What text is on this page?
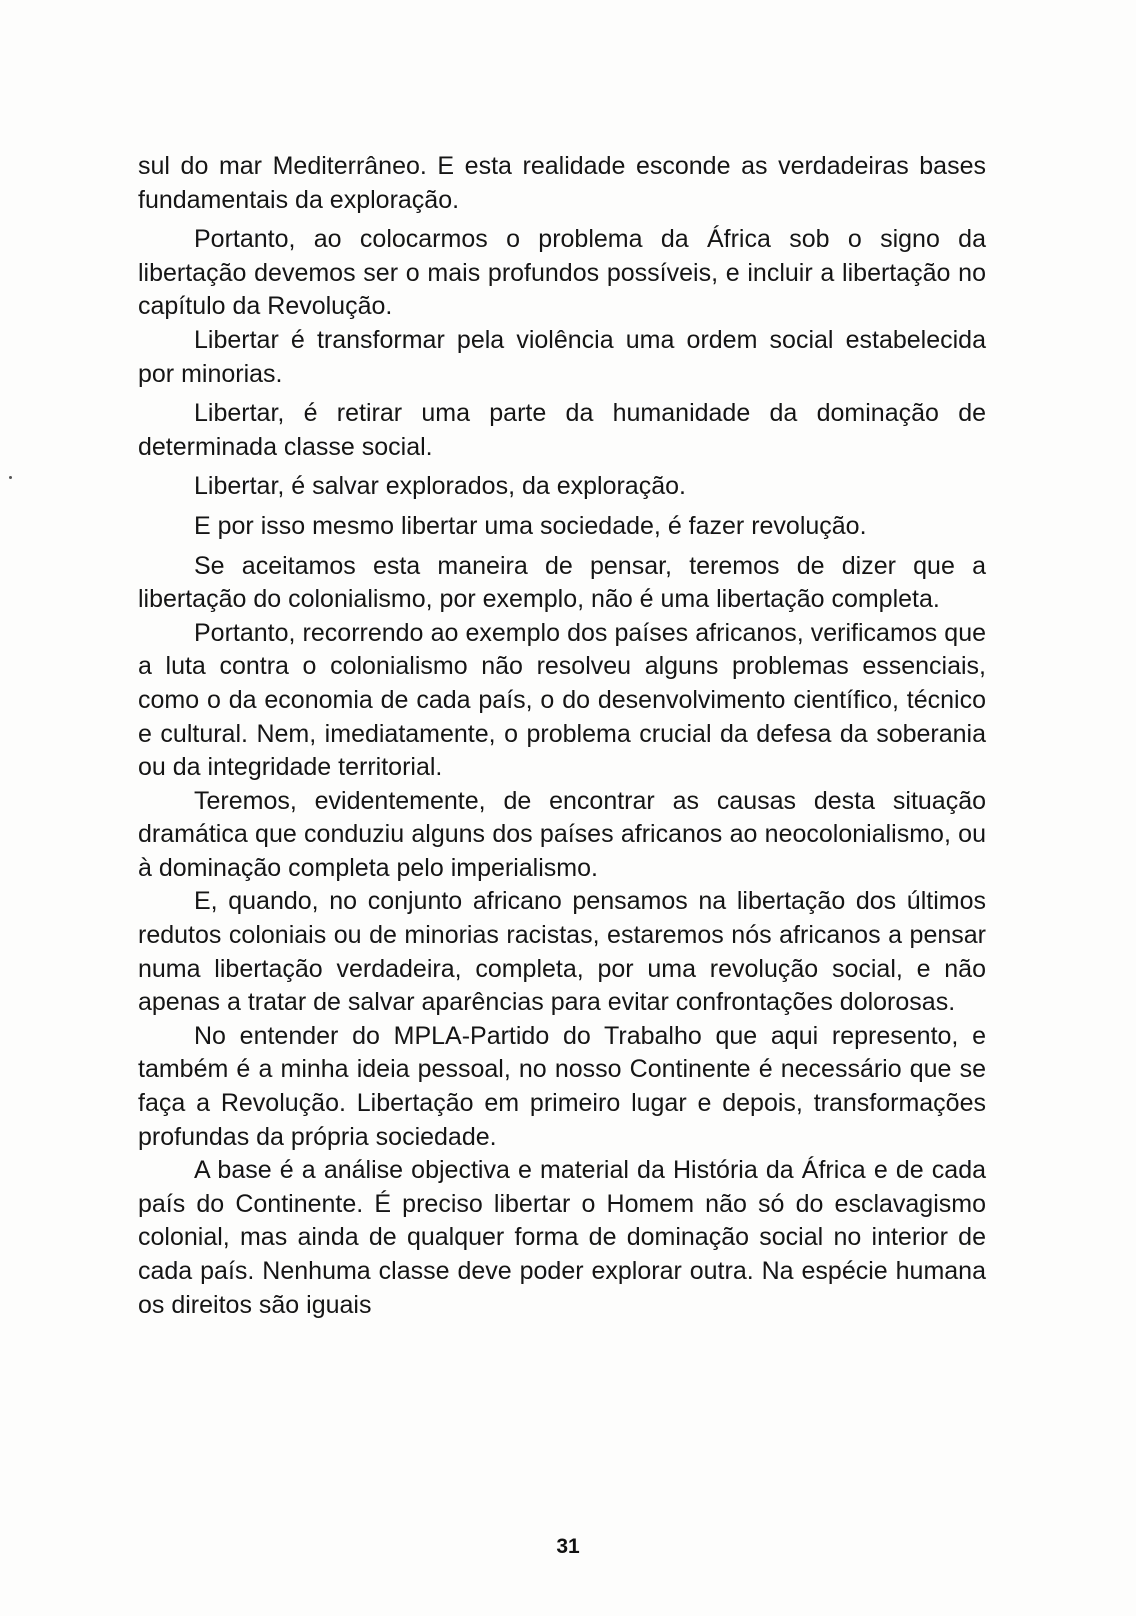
sul do mar Mediterrâneo. E esta realidade esconde as verdadeiras bases fundamentais da exploração.

Portanto, ao colocarmos o problema da África sob o signo da libertação devemos ser o mais profundos possíveis, e incluir a libertação no capítulo da Revolução.

Libertar é transformar pela violência uma ordem social estabelecida por minorias.

Libertar, é retirar uma parte da humanidade da dominação de determinada classe social.

Libertar, é salvar explorados, da exploração.

E por isso mesmo libertar uma sociedade, é fazer revolução.

Se aceitamos esta maneira de pensar, teremos de dizer que a libertação do colonialismo, por exemplo, não é uma libertação completa.

Portanto, recorrendo ao exemplo dos países africanos, verificamos que a luta contra o colonialismo não resolveu alguns problemas essenciais, como o da economia de cada país, o do desenvolvimento científico, técnico e cultural. Nem, imediatamente, o problema crucial da defesa da soberania ou da integridade territorial.

Teremos, evidentemente, de encontrar as causas desta situação dramática que conduziu alguns dos países africanos ao neocolonialismo, ou à dominação completa pelo imperialismo.

E, quando, no conjunto africano pensamos na libertação dos últimos redutos coloniais ou de minorias racistas, estaremos nós africanos a pensar numa libertação verdadeira, completa, por uma revolução social, e não apenas a tratar de salvar aparências para evitar confrontações dolorosas.

No entender do MPLA-Partido do Trabalho que aqui represento, e também é a minha ideia pessoal, no nosso Continente é necessário que se faça a Revolução. Libertação em primeiro lugar e depois, transformações profundas da própria sociedade.

A base é a análise objectiva e material da História da África e de cada país do Continente. É preciso libertar o Homem não só do esclavagismo colonial, mas ainda de qualquer forma de dominação social no interior de cada país. Nenhuma classe deve poder explorar outra. Na espécie humana os direitos são iguais

31
